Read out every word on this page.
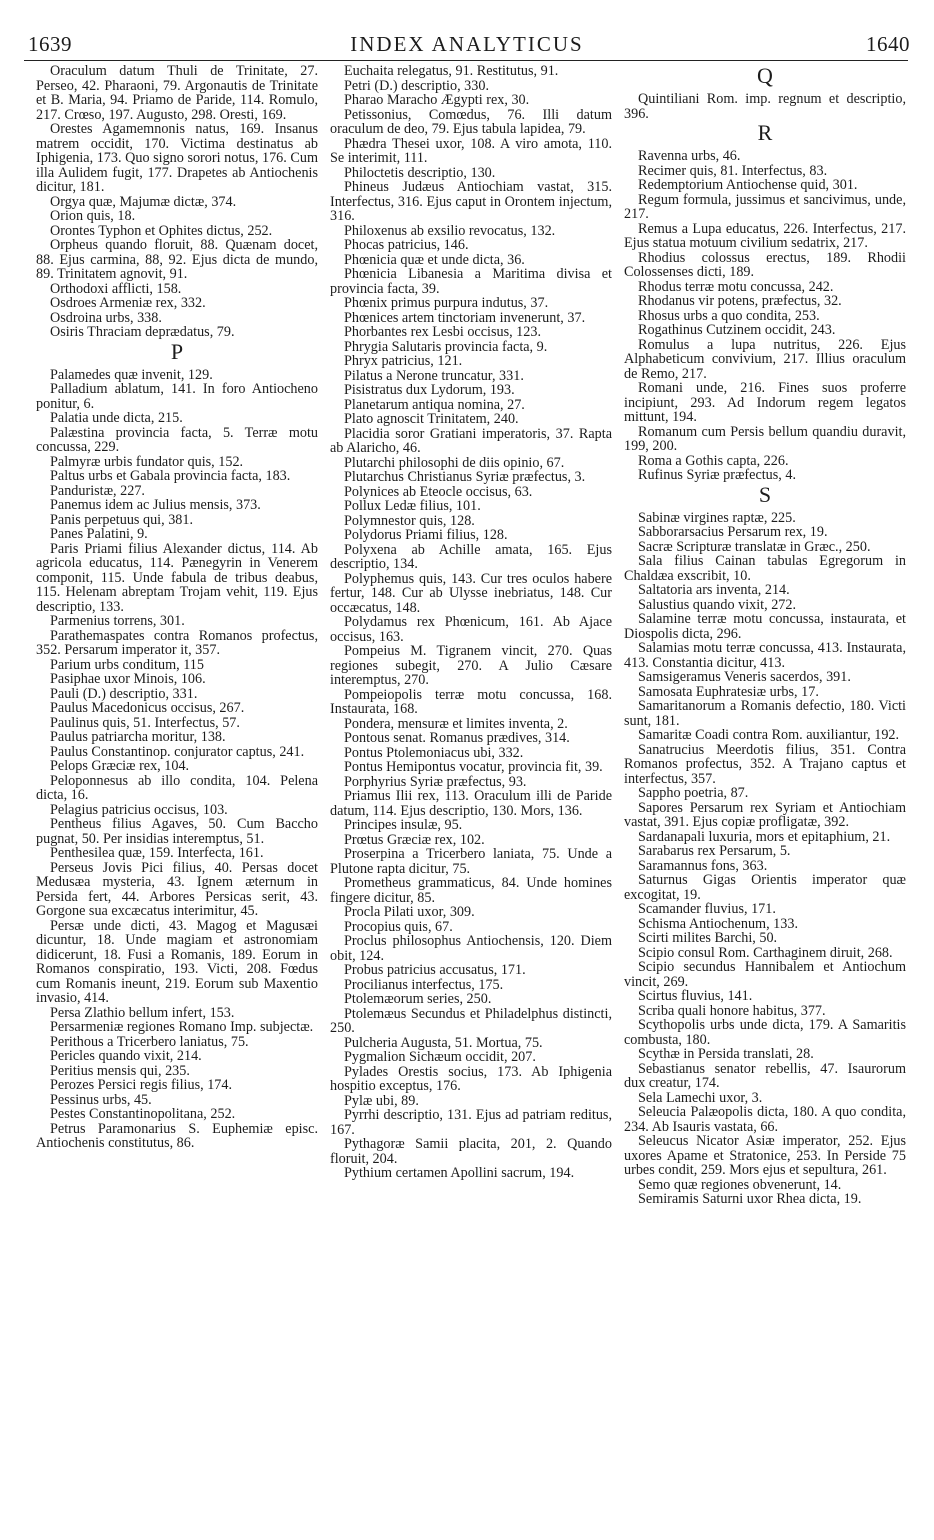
1639	INDEX ANALYTICUS	1640

Oraculum datum Thuli de Trinitate, 27. Perseo, 42. Pharaoni, 79. Argonautis de Trinitate et B. Maria, 94. Priamo de Paride, 114. Romulo, 217. Crœso, 197. Augusto, 298. Oresti, 169.

Orestes Agamemnonis natus, 169. Insanus matrem occidit, 170. Victima destinatus ab Iphigenia, 173. Quo signo sorori notus, 176. Cum illa Aulidem fugit, 177. Drapetes ab Antiochenis dicitur, 181.

Orgya quæ, Majumæ dictæ, 374.

Orion quis, 18.

Orontes Typhon et Ophites dictus, 252.

Orpheus quando floruit, 88. Quænam docet, 88. Ejus carmina, 88, 92. Ejus dicta de mundo, 89. Trinitatem agnovit, 91.

Orthodoxi afflicti, 158.

Osdroes Armeniæ rex, 332.

Osdroina urbs, 338.

Osiris Thraciam deprædatus, 79.

P

Palamedes quæ invenit, 129.

Palladium ablatum, 141. In foro Antiocheno ponitur, 6.

Palatia unde dicta, 215.

Palæstina provincia facta, 5. Terræ motu concussa, 229.

Palmyræ urbis fundator quis, 152.

Paltus urbs et Gabala provincia facta, 183.

Panduristæ, 227.

Panemus idem ac Julius mensis, 373.

Panis perpetuus qui, 381.

Panes Palatini, 9.

Paris Priami filius Alexander dictus, 114. Ab agricola educatus, 114. Pænegyrin in Venerem componit, 115. Unde fabula de tribus deabus, 115. Helenam abreptam Trojam vehit, 119. Ejus descriptio, 133.

Parmenius torrens, 301.

Parathemaspates contra Romanos profectus, 352. Persarum imperator it, 357.

Parium urbs conditum, 115

Pasiphae uxor Minois, 106.

Pauli (D.) descriptio, 331.

Paulus Macedonicus occisus, 267.

Paulinus quis, 51. Interfectus, 57.

Paulus patriarcha moritur, 138.

Paulus Constantinop. conjurator captus, 241.

Pelops Græciæ rex, 104.

Peloponnesus ab illo condita, 104. Pelena dicta, 16.

Pelagius patricius occisus, 103.

Pentheus filius Agaves, 50. Cum Baccho pugnat, 50. Per insidias interemptus, 51.

Penthesilea quæ, 159. Interfecta, 161.

Perseus Jovis Pici filius, 40. Persas docet Medusæa mysteria, 43. Ignem æternum in Persida fert, 44. Arbores Persicas serit, 43. Gorgone sua excæcatus interimitur, 45.

Persæ unde dicti, 43. Magog et Magusæi dicuntur, 18. Unde magiam et astronomiam didicerunt, 18. Fusi a Romanis, 189. Eorum in Romanos conspiratio, 193. Victi, 208. Fœdus cum Romanis ineunt, 219. Eorum sub Maxentio invasio, 414.

Persa Zlathio bellum infert, 153.

Persarmeniæ regiones Romano Imp. subjectæ.

Perithous a Tricerbero laniatus, 75.

Pericles quando vixit, 214.

Peritius mensis qui, 235.

Perozes Persici regis filius, 174.

Pessinus urbs, 45.

Pestes Constantinopolitana, 252.

Petrus Paramonarius S. Euphemiæ episc. Antiochenis constitutus, 86.

Euchaita relegatus, 91. Restitutus, 91.

Petri (D.) descriptio, 330.

Pharao Maracho Ægypti rex, 30.

Petissonius, Comœdus, 76. Illi datum oraculum de deo, 79. Ejus tabula lapidea, 79.

Phædra Thesei uxor, 108. A viro amota, 110. Se interimit, 111.

Philoctetis descriptio, 130.

Phineus Judæus Antiochiam vastat, 315. Interfectus, 316. Ejus caput in Orontem injectum, 316.

Philoxenus ab exsilio revocatus, 132.

Phocas patricius, 146.

Phœnicia quæ et unde dicta, 36.

Phœnicia Libanesia a Maritima divisa et provincia facta, 39.

Phœnix primus purpura indutus, 37.

Phœnices artem tinctoriam invenerunt, 37.

Phorbantes rex Lesbi occisus, 123.

Phrygia Salutaris provincia facta, 9.

Phryx patricius, 121.

Pilatus a Nerone truncatur, 331.

Pisistratus dux Lydorum, 193.

Planetarum antiqua nomina, 27.

Plato agnoscit Trinitatem, 240.

Placidia soror Gratiani imperatoris, 37. Rapta ab Alaricho, 46.

Plutarchi philosophi de diis opinio, 67.

Plutarchus Christianus Syriæ præfectus, 3.

Polynices ab Eteocle occisus, 63.

Pollux Ledæ filius, 101.

Polymnestor quis, 128.

Polydorus Priami filius, 128.

Polyxena ab Achille amata, 165. Ejus descriptio, 134.

Polyphemus quis, 143. Cur tres oculos habere fertur, 148. Cur ab Ulysse inebriatus, 148. Cur occæcatus, 148.

Polydamus rex Phœnicum, 161. Ab Ajace occisus, 163.

Pompeius M. Tigranem vincit, 270. Quas regiones subegit, 270. A Julio Cæsare interemptus, 270.

Pompeiopolis terræ motu concussa, 168. Instaurata, 168.

Pondera, mensuræ et limites inventa, 2.

Pontous senat. Romanus prædives, 314.

Pontus Ptolemoniacus ubi, 332.

Pontus Hemipontus vocatur, provincia fit, 39.

Porphyrius Syriæ præfectus, 93.

Priamus Ilii rex, 113. Oraculum illi de Paride datum, 114. Ejus descriptio, 130. Mors, 136.

Principes insulæ, 95.

Prœtus Græciæ rex, 102.

Proserpina a Tricerbero laniata, 75. Unde a Plutone rapta dicitur, 75.

Prometheus grammaticus, 84. Unde homines fingere dicitur, 85.

Procla Pilati uxor, 309.

Procopius quis, 67.

Proclus philosophus Antiochensis, 120. Diem obit, 124.

Probus patricius accusatus, 171.

Procilianus interfectus, 175.

Ptolemæorum series, 250.

Ptolemæus Secundus et Philadelphus distincti, 250.

Pulcheria Augusta, 51. Mortua, 75.

Pygmalion Sichæum occidit, 207.

Pylades Orestis socius, 173. Ab Iphigenia hospitio exceptus, 176.

Pylæ ubi, 89.

Pyrrhi descriptio, 131. Ejus ad patriam reditus, 167.

Pythagoræ Samii placita, 201, 2. Quando floruit, 204.

Pythium certamen Apollini sacrum, 194.

Q

Quintiliani Rom. imp. regnum et descriptio, 396.

R

Ravenna urbs, 46.

Recimer quis, 81. Interfectus, 83.

Redemptorium Antiochense quid, 301.

Regum formula, jussimus et sancivimus, unde, 217.

Remus a Lupa educatus, 226. Interfectus, 217. Ejus statua motuum civilium sedatrix, 217.

Rhodius colossus erectus, 189. Rhodii Colossenses dicti, 189.

Rhodus terræ motu concussa, 242.

Rhodanus vir potens, præfectus, 32.

Rhosus urbs a quo condita, 253.

Rogathinus Cutzinem occidit, 243.

Romulus a lupa nutritus, 226. Ejus Alphabeticum convivium, 217. Illius oraculum de Remo, 217.

Romani unde, 216. Fines suos proferre incipiunt, 293. Ad Indorum regem legatos mittunt, 194.

Romanum cum Persis bellum quandiu duravit, 199, 200.

Roma a Gothis capta, 226.

Rufinus Syriæ præfectus, 4.

S

Sabinæ virgines raptæ, 225.

Sabborarsacius Persarum rex, 19.

Sacræ Scripturæ translatæ in Græc., 250.

Sala filius Cainan tabulas Egregorum in Chaldæa exscribit, 10.

Saltatoria ars inventa, 214.

Salustius quando vixit, 272.

Salamine terræ motu concussa, instaurata, et Diospolis dicta, 296.

Salamias motu terræ concussa, 413. Instaurata, 413. Constantia dicitur, 413.

Samsigeramus Veneris sacerdos, 391.

Samosata Euphratesiæ urbs, 17.

Samaritanorum a Romanis defectio, 180. Victi sunt, 181.

Samaritæ Coadi contra Rom. auxiliantur, 192.

Sanatrucius Meerdotis filius, 351. Contra Romanos profectus, 352. A Trajano captus et interfectus, 357.

Sappho poetria, 87.

Sapores Persarum rex Syriam et Antiochiam vastat, 391. Ejus copiæ profligatæ, 392.

Sardanapali luxuria, mors et epitaphium, 21.

Sarabarus rex Persarum, 5.

Saramannus fons, 363.

Saturnus Gigas Orientis imperator quæ excogitat, 19.

Scamander fluvius, 171.

Schisma Antiochenum, 133.

Scirti milites Barchi, 50.

Scipio consul Rom. Carthaginem diruit, 268.

Scipio secundus Hannibalem et Antiochum vincit, 269.

Scirtus fluvius, 141.

Scriba quali honore habitus, 377.

Scythopolis urbs unde dicta, 179. A Samaritis combusta, 180.

Scythæ in Persida translati, 28.

Sebastianus senator rebellis, 47. Isaurorum dux creatur, 174.

Sela Lamechi uxor, 3.

Seleucia Palæopolis dicta, 180. A quo condita, 234. Ab Isauris vastata, 66.

Seleucus Nicator Asiæ imperator, 252. Ejus uxores Apame et Stratonice, 253. In Perside 75 urbes condit, 259. Mors ejus et sepultura, 261.

Semo quæ regiones obvenerunt, 14.

Semiramis Saturni uxor Rhea dicta, 19.
